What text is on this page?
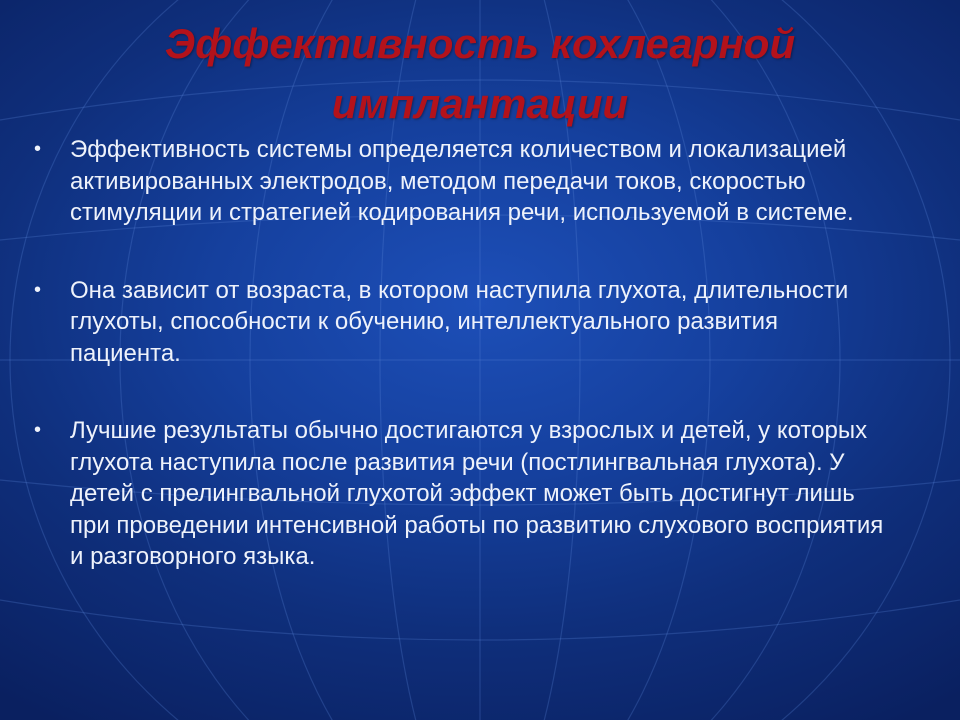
Эффективность кохлеарной
имплантации
• Эффективность системы определяется количеством и локализацией активированных электродов, методом передачи токов, скоростью стимуляции и стратегией кодирования речи, используемой в системе.
• Она зависит от возраста, в котором наступила глухота, длительности глухоты, способности к обучению, интеллектуального развития пациента.
• Лучшие результаты обычно достигаются у взрослых и детей, у которых глухота наступила после развития речи (постлингвальная глухота). У детей с прелингвальной глухотой эффект может быть достигнут лишь при проведении интенсивной работы по развитию слухового восприятия и разговорного языка.
